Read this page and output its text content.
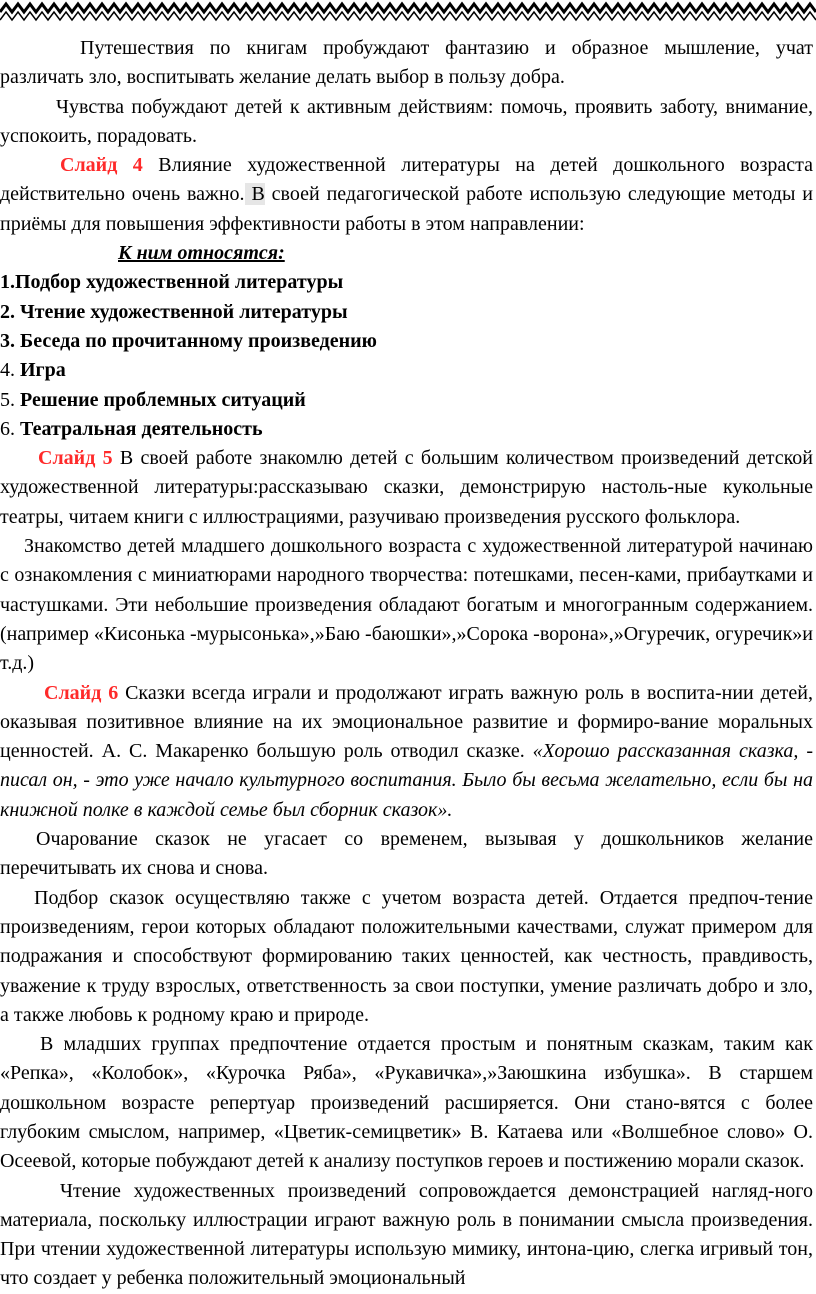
Путешествия по книгам пробуждают фантазию и образное мышление, учат различать зло, воспитывать желание делать выбор в пользу добра.

Чувства побуждают детей к активным действиям: помочь, проявить заботу, внимание, успокоить, порадовать.

Слайд 4 Влияние художественной литературы на детей дошкольного возраста действительно очень важно. В своей педагогической работе использую следующие методы и приёмы для повышения эффективности работы в этом направлении:

К ним относятся:

1.Подбор художественной литературы

2. Чтение художественной литературы

3. Беседа по прочитанному произведению

4. Игра

5. Решение проблемных ситуаций

6. Театральная деятельность

Слайд 5 В своей работе знакомлю детей с большим количеством произведений детской художественной литературы:рассказываю сказки, демонстрирую настоль-ные кукольные театры, читаем книги с иллюстрациями, разучиваю произведения русского фольклора.

Знакомство детей младшего дошкольного возраста с художественной литературой начинаю с ознакомления с миниатюрами народного творчества: потешками, песен-ками, прибаутками и частушками. Эти небольшие произведения обладают богатым и многогранным содержанием.(например «Кисонька -мурысонька»,»Баю -баюшки»,»Сорока -ворона»,»Огуречик, огуречик»и т.д.)

Слайд 6 Сказки всегда играли и продолжают играть важную роль в воспита-нии детей, оказывая позитивное влияние на их эмоциональное развитие и формиро-вание моральных ценностей. А. С. Макаренко большую роль отводил сказке. «Хорошо рассказанная сказка, - писал он, - это уже начало культурного воспитания. Было бы весьма желательно, если бы на книжной полке в каждой семье был сборник сказок».

Очарование сказок не угасает со временем, вызывая у дошкольников желание перечитывать их снова и снова.

Подбор сказок осуществляю также с учетом возраста детей. Отдается предпоч-тение произведениям, герои которых обладают положительными качествами, служат примером для подражания и способствуют формированию таких ценностей, как честность, правдивость, уважение к труду взрослых, ответственность за свои поступки, умение различать добро и зло, а также любовь к родному краю и природе.

В младших группах предпочтение отдается простым и понятным сказкам, таким как «Репка», «Колобок», «Курочка Ряба», «Рукавичка»,»Заюшкина избушка». В старшем дошкольном возрасте репертуар произведений расширяется. Они стано-вятся с более глубоким смыслом, например, «Цветик-семицветик» В. Катаева или «Волшебное слово» О. Осеевой, которые побуждают детей к анализу поступков героев и постижению морали сказок.

Чтение художественных произведений сопровождается демонстрацией нагляд-ного материала, поскольку иллюстрации играют важную роль в понимании смысла произведения. При чтении художественной литературы использую мимику, интона-цию, слегка игривый тон, что создает у ребенка положительный эмоциональный
